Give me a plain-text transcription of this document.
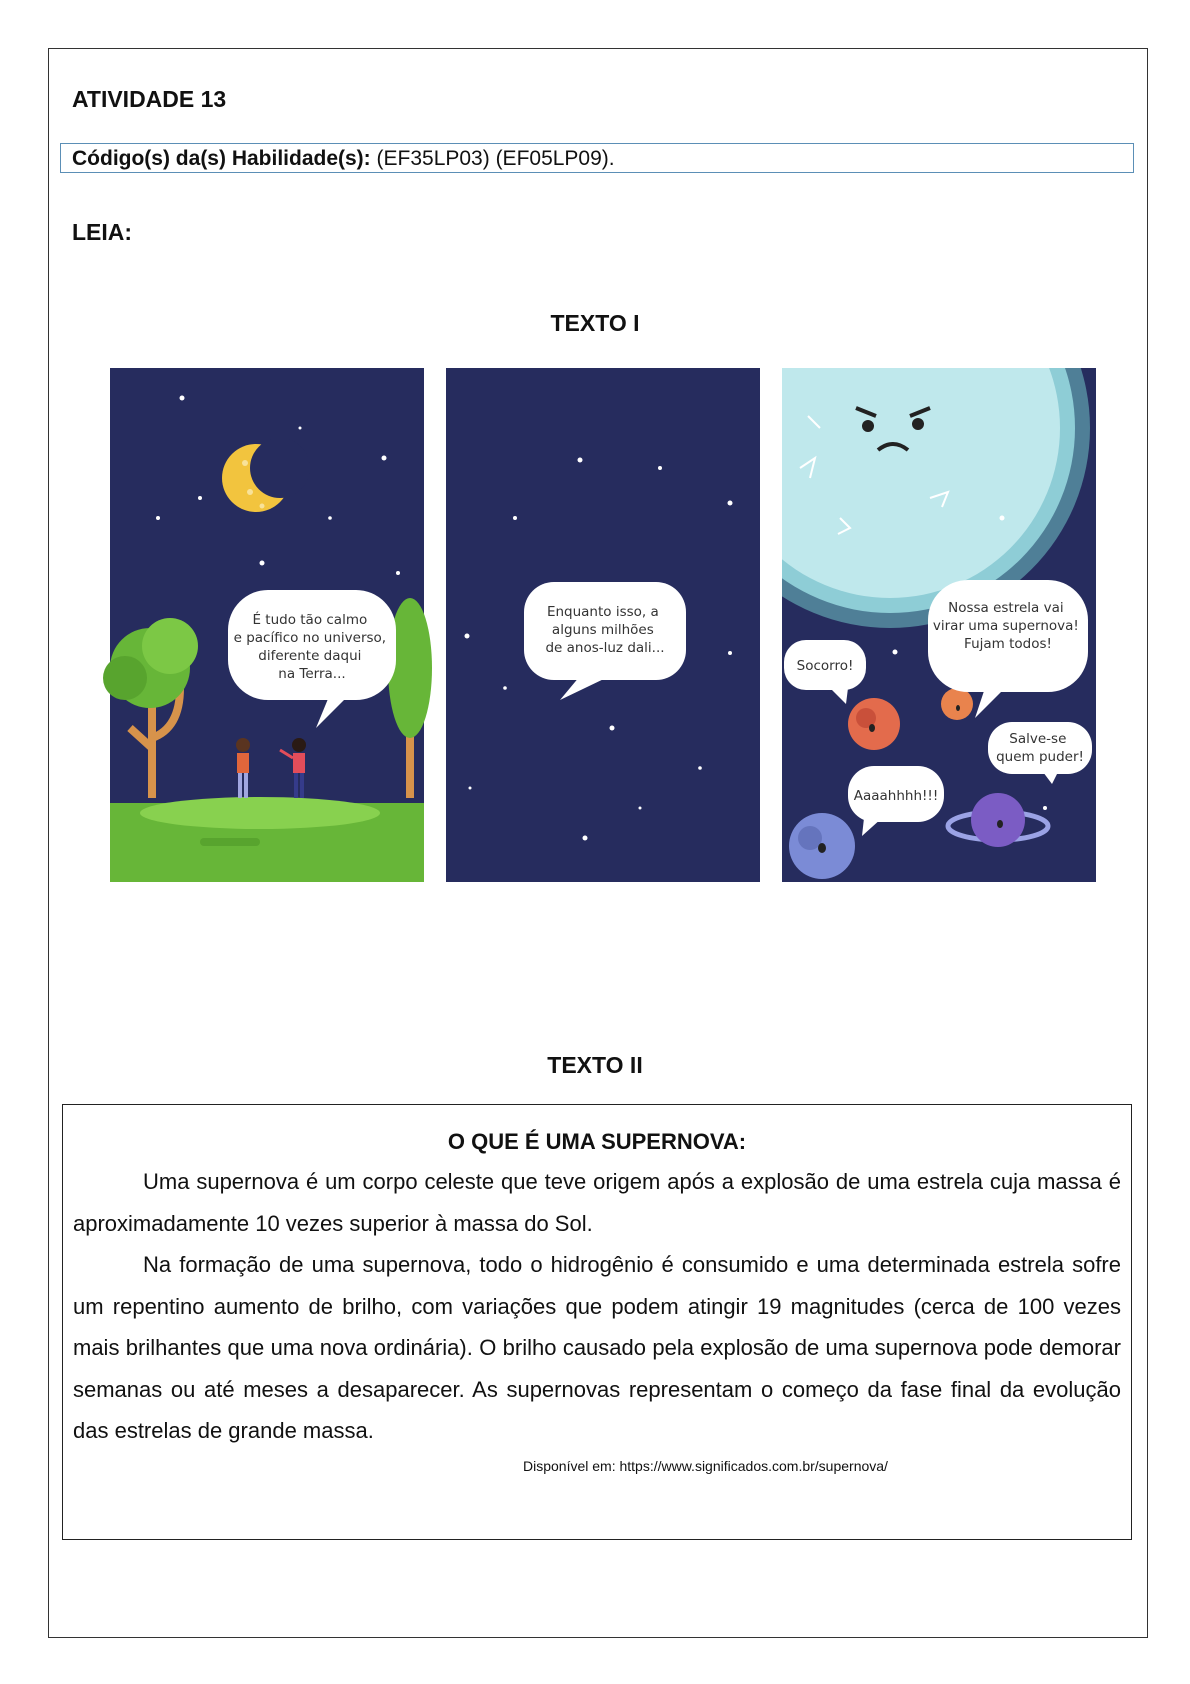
ATIVIDADE 13
Código(s) da(s) Habilidade(s): (EF35LP03) (EF05LP09).
LEIA:
TEXTO I
É tudo tão calmo e pacífico no universo, diferente daqui na Terra...
Enquanto isso, a alguns milhões de anos-luz dali...
Nossa estrela vai virar uma supernova! Fujam todos!
Socorro!
Salve-se quem puder!
Aaaahhhh!!!
TEXTO II

O QUE É UMA SUPERNOVA:

Uma supernova é um corpo celeste que teve origem após a explosão de uma estrela cuja massa é aproximadamente 10 vezes superior à massa do Sol.

Na formação de uma supernova, todo o hidrogênio é consumido e uma determinada estrela sofre um repentino aumento de brilho, com variações que podem atingir 19 magnitudes (cerca de 100 vezes mais brilhantes que uma nova ordinária). O brilho causado pela explosão de uma supernova pode demorar semanas ou até meses a desaparecer. As supernovas representam o começo da fase final da evolução das estrelas de grande massa.

Disponível em: https://www.significados.com.br/supernova/
